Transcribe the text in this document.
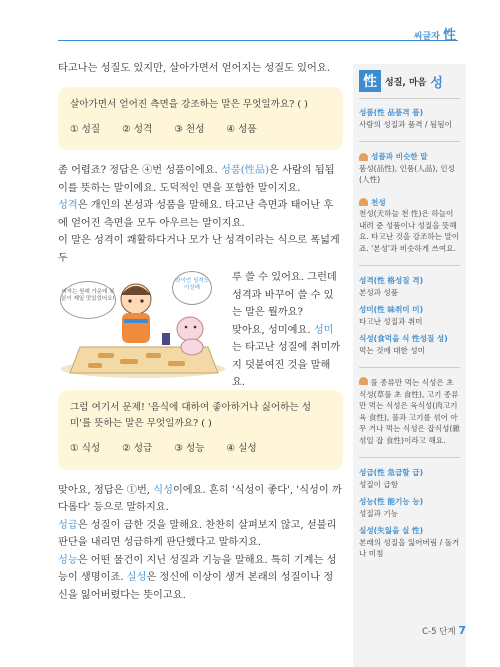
씨글자 性

타고나는 성질도 있지만, 살아가면서 얻어지는 성질도 있어요.

살아가면서 얻어진 측면을 강조하는 말은 무엇일까요? ( )
① 성질 ② 성격 ③ 천성 ④ 성품

좀 어렵죠? 정답은 ④번 성품이에요. 성품(性品)은 사람의 됨됨이를 뜻하는 말이에요. 도덕적인 면을 포함한 말이지요.

성격은 개인의 본성과 성품을 말해요. 타고난 측면과 태어난 후에 얻어진 측면을 모두 아우르는 말이지요.

이 말은 성격이 쾌활하다거나 모가 난 성격이라는 식으로 폭넓게 두

피자는 원래 가운데 부분이 제일 맛있었어요!
라이언 성격도 이상해

루 쓸 수 있어요. 그런데 성격과 바꾸어 쓸 수 있는 말은 뭘까요?

맞아요, 성미예요. 성미는 타고난 성질에 취미까지 덧붙여진 것을 말해요.

그럼 여기서 문제! '음식에 대하여 좋아하거나 싫어하는 성미'를 뜻하는 말은 무엇일까요? ( )
① 식성 ② 성급 ③ 성능 ④ 실성

맞아요, 정답은 ①번, 식성이에요. 흔히 '식성이 좋다', '식성이 까다롭다' 등으로 말하지요.

성급은 성질이 급한 것을 말해요. 찬찬히 살펴보지 않고, 섣불리 판단을 내리면 성급하게 판단했다고 말하지요.

성능은 어떤 물건이 지닌 성질과 기능을 말해요. 특히 기계는 성능이 생명이죠. 실성은 정신에 이상이 생겨 본래의 성질이나 정신을 잃어버렸다는 뜻이고요.

性 성질, 마음 성
성품(性 品품격 품)
사람의 성질과 품격 / 됨됨이
성품과 비슷한 말
품성(品性), 인품(人品), 인성(人性)
천성
천성(天하늘 천 性)은 하늘이 내려 준 성품이나 성질을 뜻해요. 타고난 것을 강조하는 말이죠. '본성'과 비슷하게 쓰여요.
성격(性 格성질 격)
본성과 성품
성미(性 味취미 미)
타고난 성질과 취미
식성(食먹을 식 性성질 성)
먹는 것에 대한 성미
풀 종류만 먹는 식성은 초식성(草풀 초 食性), 고기 종류만 먹는 식성은 육식성(肉고기 육 食性), 풀과 고기를 섞어 아무 거나 먹는 식성은 잡식성(雜섞일 잡 食性)이라고 해요.
성급(性 急급할 급)
성질이 급함
성능(性 能기능 능)
성질과 기능
실성(失잃을 실 性)
본래의 성질을 잃어버림 / 돌거나 미침
C-5 단계 7
